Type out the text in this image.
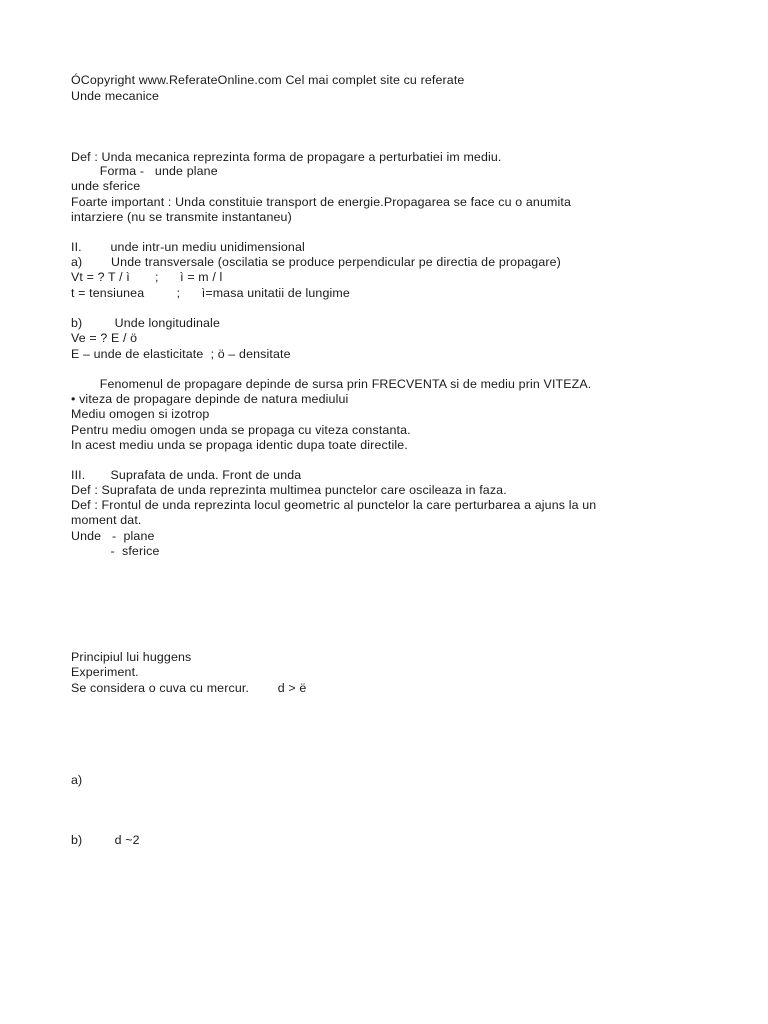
ÓCopyright www.ReferateOnline.com Cel mai complet site cu referate

Unde mecanice

Def : Unda mecanica reprezinta forma de propagare a perturbatiei im mediu.

Forma -   unde plane

unde sferice

Foarte important : Unda constituie transport de energie.Propagarea se face cu o anumita

intarziere (nu se transmite instantaneu)

II.        unde intr-un mediu unidimensional

a)        Unde transversale (oscilatia se produce perpendicular pe directia de propagare)

Vt = ? T / ì       ;      ì = m / l

t = tensiunea         ;      ì=masa unitatii de lungime

b)         Unde longitudinale

Ve = ? E / ö

E – unde de elasticitate  ; ö – densitate

Fenomenul de propagare depinde de sursa prin FRECVENTA si de mediu prin VITEZA.

• viteza de propagare depinde de natura mediului

Mediu omogen si izotrop

Pentru mediu omogen unda se propaga cu viteza constanta.

In acest mediu unda se propaga identic dupa toate directile.

III.       Suprafata de unda. Front de unda

Def : Suprafata de unda reprezinta multimea punctelor care oscileaza in faza.

Def : Frontul de unda reprezinta locul geometric al punctelor la care perturbarea a ajuns la un

moment dat.

Unde   -  plane

-  sferice

Principiul lui huggens

Experiment.

Se considera o cuva cu mercur.        d > ë

a)

b)         d ~2
